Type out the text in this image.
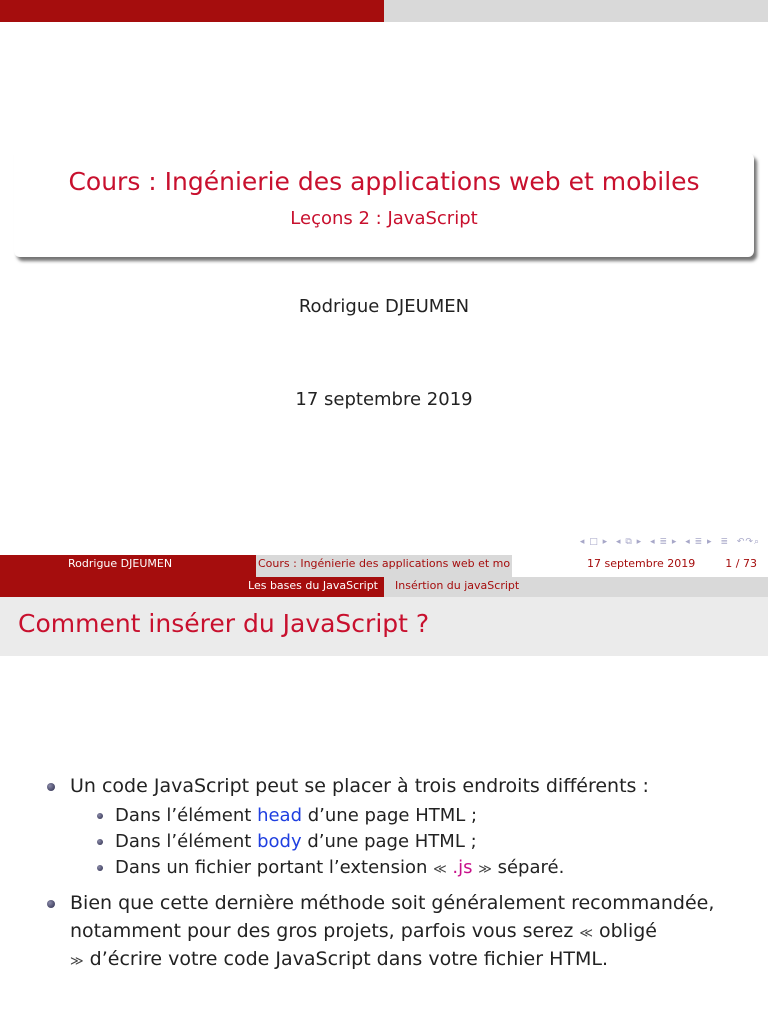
Cours : Ingénierie des applications web et mobiles
Leçons 2 : JavaScript
Rodrigue DJEUMEN
17 septembre 2019
◂ □ ▸ ◂ ⧉ ▸ ◂ ≣ ▸ ◂ ≣ ▸ ≣ ↶↷⌕
Rodrigue DJEUMEN	Cours : Ingénierie des applications web et mo	17 septembre 2019	1 / 73
Les bases du JavaScript Insértion du javaScript
Comment insérer du JavaScript ?
Un code JavaScript peut se placer à trois endroits différents :
Dans l’élément head d’une page HTML ;
Dans l’élément body d’une page HTML ;
Dans un fichier portant l’extension ≪ .js ≫ séparé.
Bien que cette dernière méthode soit généralement recommandée,
notamment pour des gros projets, parfois vous serez ≪ obligé
≫ d’écrire votre code JavaScript dans votre fichier HTML.
